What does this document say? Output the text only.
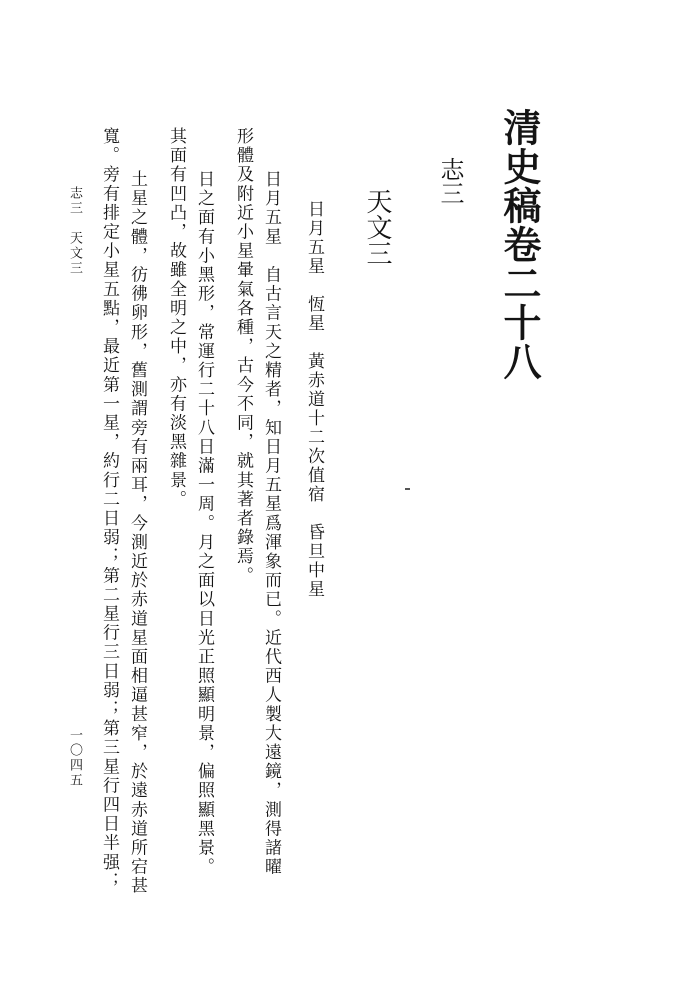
清史稿卷二十八
志三
天文三
日月五星　恆星　黃赤道十二次值宿　昏旦中星
日月五星　自古言天之精者，知日月五星爲渾象而已。近代西人製大遠鏡，測得諸曜
形體及附近小星暈氣各種，古今不同，就其著者錄焉。
日之面有小黑形，常運行二十八日滿一周。月之面以日光正照顯明景，偏照顯黑景。
其面有凹凸，故雖全明之中，亦有淡黑雜景。
土星之體，彷彿卵形，舊測謂旁有兩耳，今測近於赤道星面相逼甚窄，於遠赤道所宕甚
寬。旁有排定小星五點，最近第一星，約行二日弱；第二星行三日弱；第三星行四日半强；
志三　天文三
一〇四五
